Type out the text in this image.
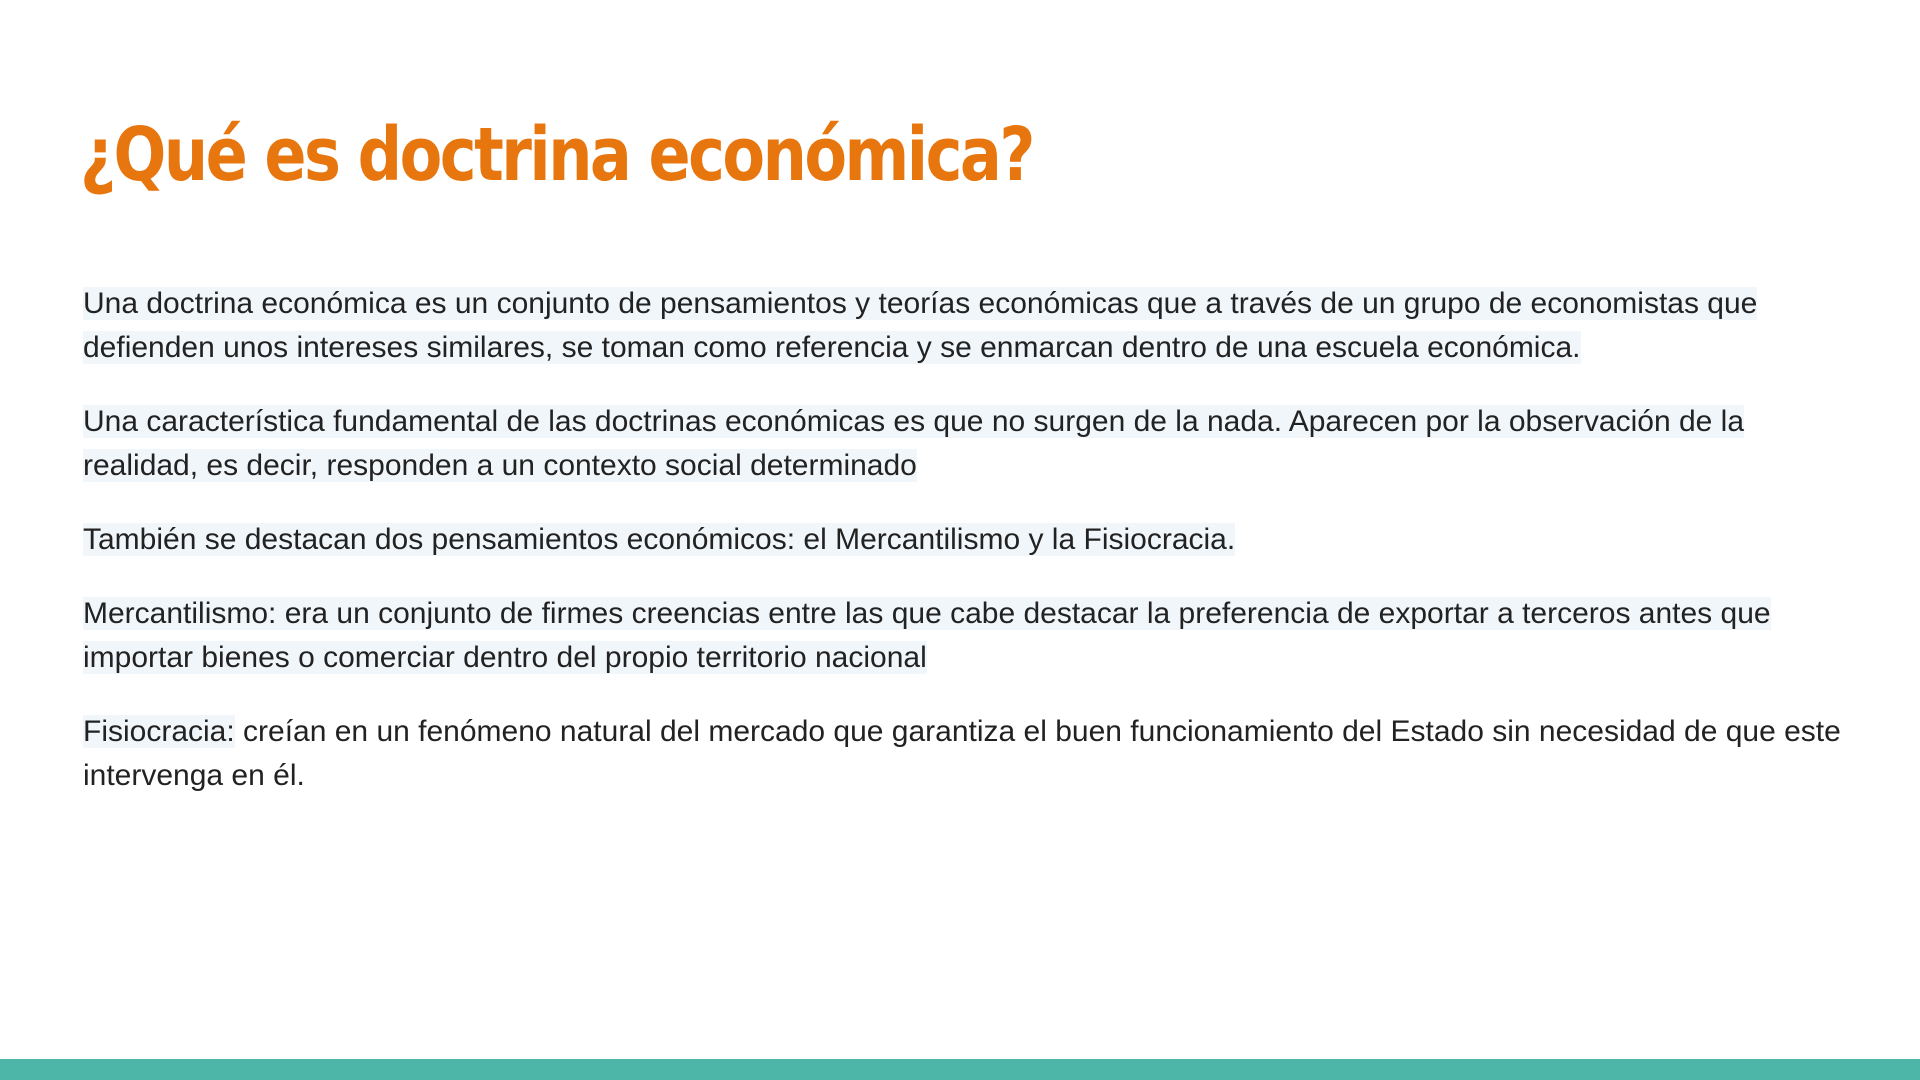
¿Qué es doctrina económica?

Una doctrina económica es un conjunto de pensamientos y teorías económicas que a través de un grupo de economistas que defienden unos intereses similares, se toman como referencia y se enmarcan dentro de una escuela económica.

Una característica fundamental de las doctrinas económicas es que no surgen de la nada. Aparecen por la observación de la realidad, es decir, responden a un contexto social determinado

También se destacan dos pensamientos económicos: el Mercantilismo y la Fisiocracia.

Mercantilismo: era un conjunto de firmes creencias entre las que cabe destacar la preferencia de exportar a terceros antes que importar bienes o comerciar dentro del propio territorio nacional

Fisiocracia: creían en un fenómeno natural del mercado que garantiza el buen funcionamiento del Estado sin necesidad de que este intervenga en él.
